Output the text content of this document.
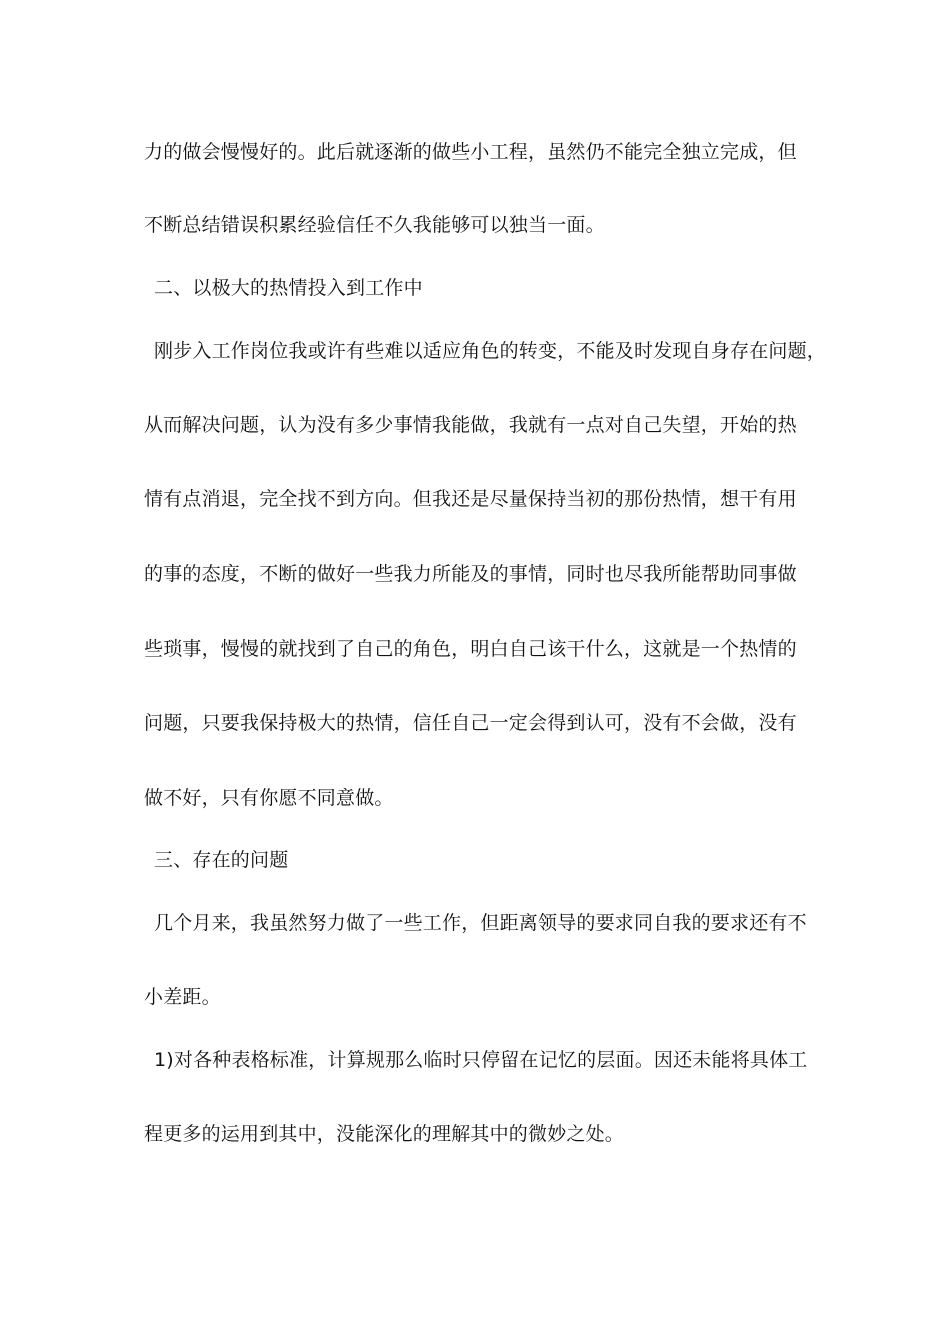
力的做会慢慢好的。此后就逐渐的做些小工程，虽然仍不能完全独立完成，但
不断总结错误积累经验信任不久我能够可以独当一面。
二、以极大的热情投入到工作中
刚步入工作岗位我或许有些难以适应角色的转变，不能及时发现自身存在问题，
从而解决问题，认为没有多少事情我能做，我就有一点对自己失望，开始的热
情有点消退，完全找不到方向。但我还是尽量保持当初的那份热情，想干有用
的事的态度，不断的做好一些我力所能及的事情，同时也尽我所能帮助同事做
些琐事，慢慢的就找到了自己的角色，明白自己该干什么，这就是一个热情的
问题，只要我保持极大的热情，信任自己一定会得到认可，没有不会做，没有
做不好，只有你愿不同意做。
三、存在的问题
几个月来，我虽然努力做了一些工作，但距离领导的要求同自我的要求还有不
小差距。
1)对各种表格标准，计算规那么临时只停留在记忆的层面。因还未能将具体工
程更多的运用到其中，没能深化的理解其中的微妙之处。
